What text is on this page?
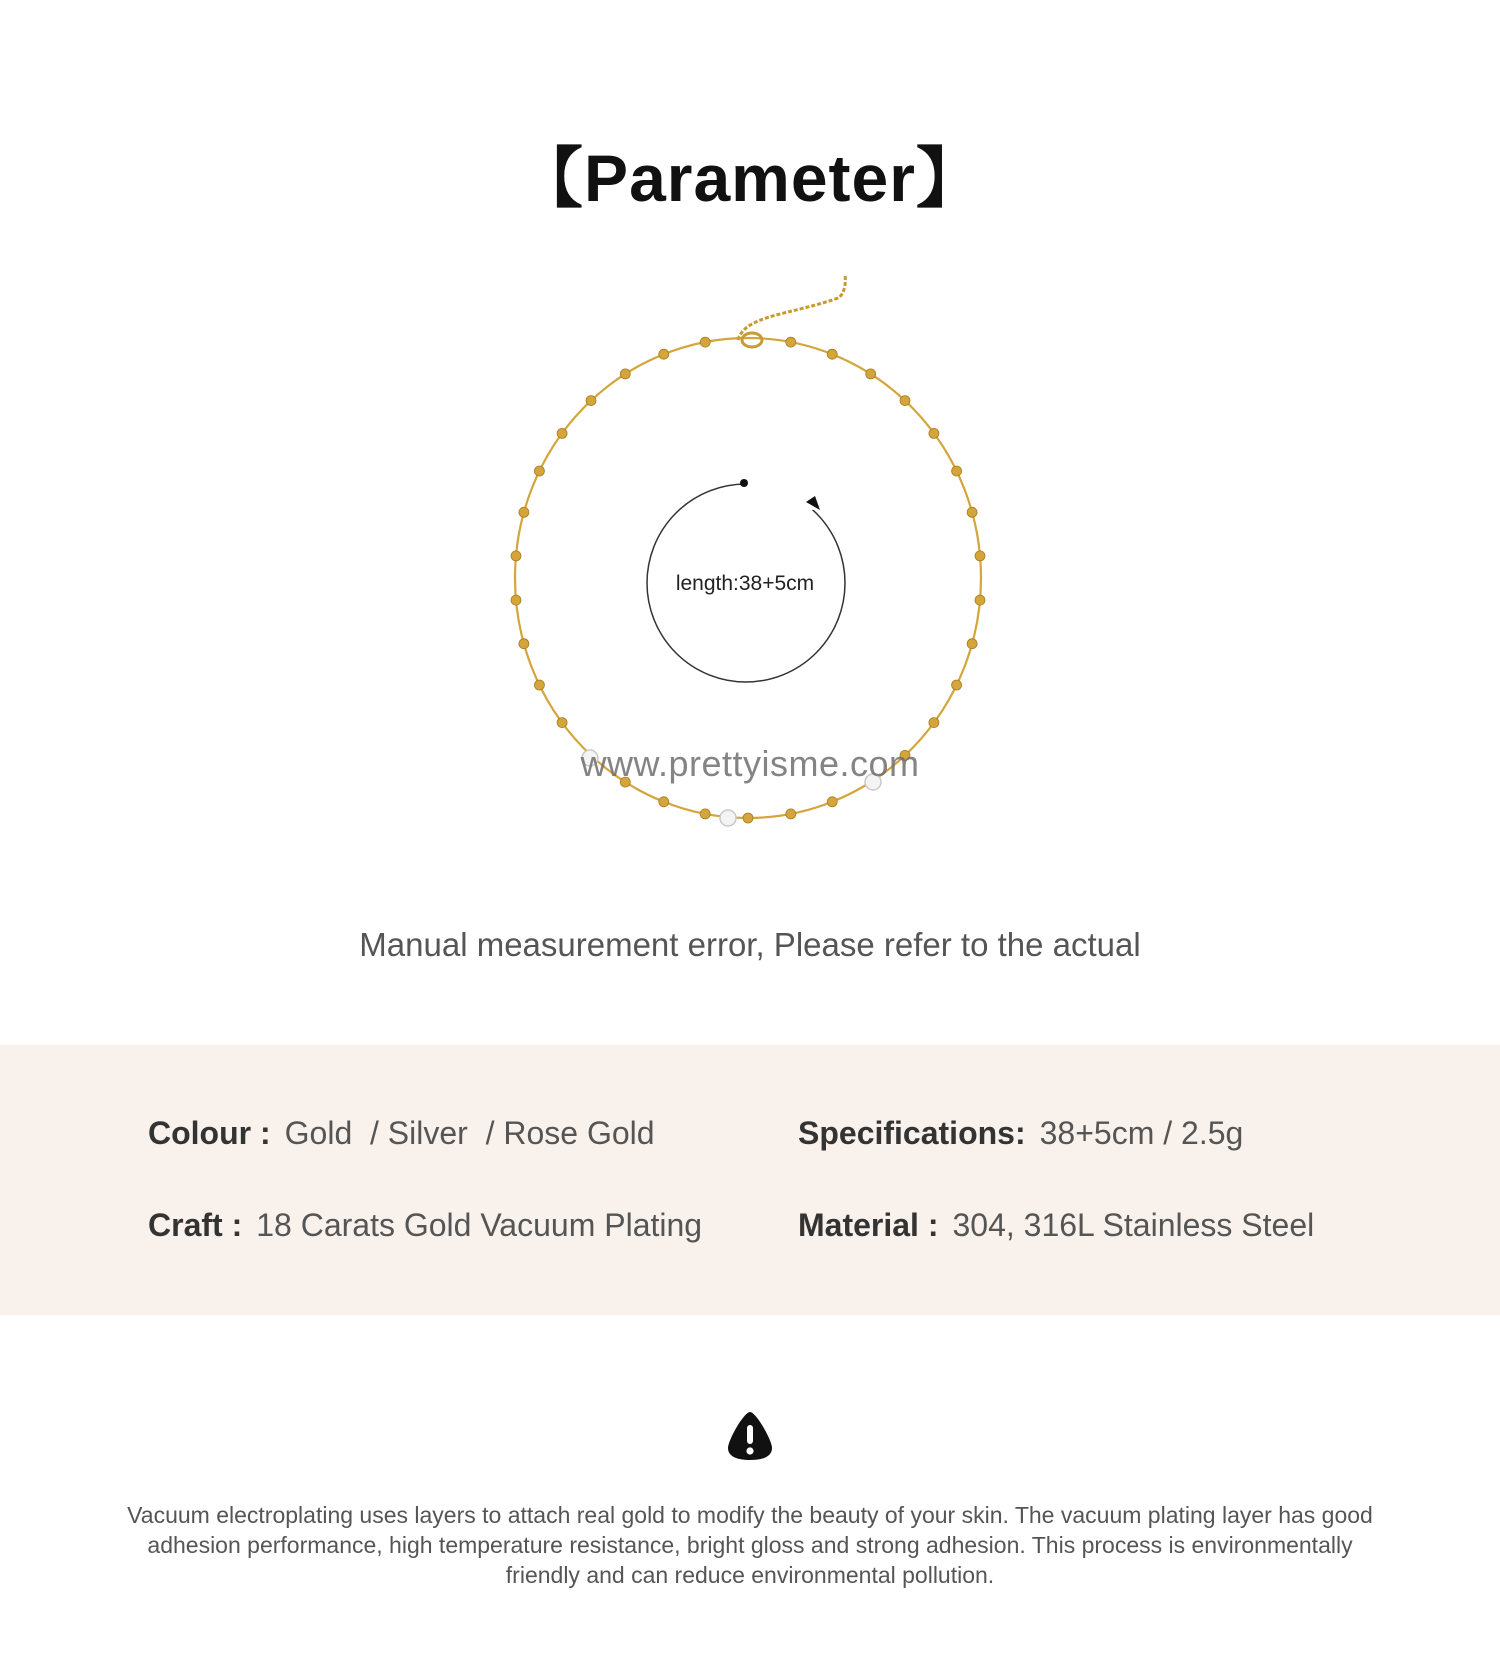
【Parameter】
length:38+5cm
www.prettyisme.com
Manual measurement error, Please refer to the actual
Colour : Gold  / Silver  / Rose Gold	Specifications: 38+5cm / 2.5g
Craft : 18 Carats Gold Vacuum Plating	Material : 304, 316L Stainless Steel
Vacuum electroplating uses layers to attach real gold to modify the beauty of your skin. The vacuum plating layer has good adhesion performance, high temperature resistance, bright gloss and strong adhesion. This process is environmentally friendly and can reduce environmental pollution.
